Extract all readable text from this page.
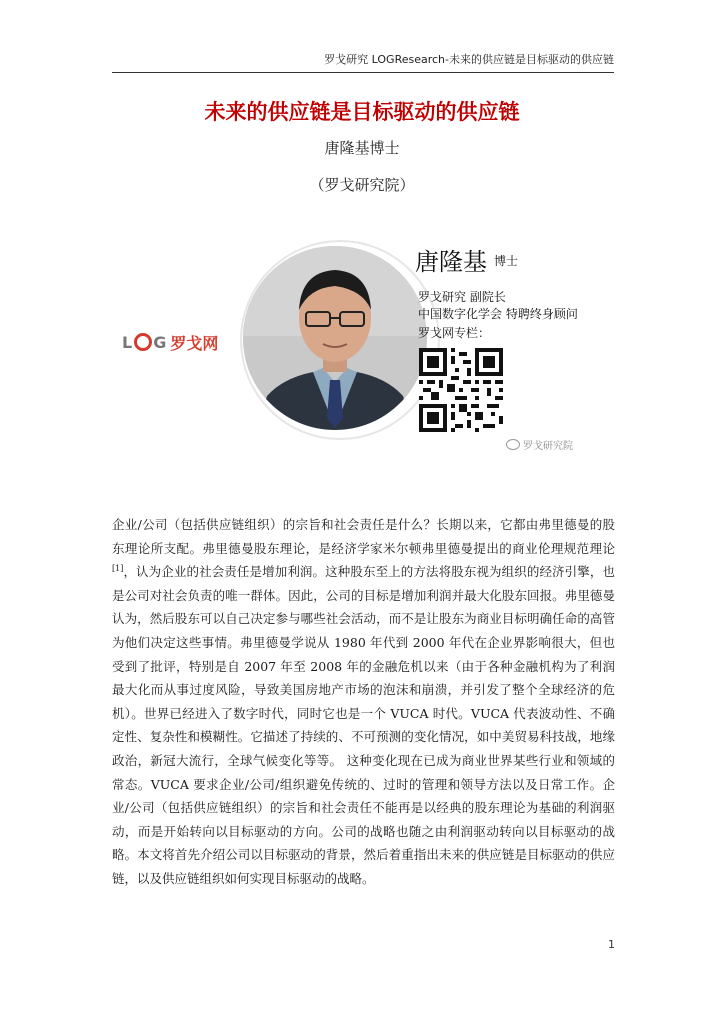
罗戈研究 LOGResearch-未来的供应链是目标驱动的供应链
未来的供应链是目标驱动的供应链
唐隆基博士
（罗戈研究院）
L G 罗戈网
唐隆基 博士
罗戈研究 副院长
中国数字化学会 特聘终身顾问
罗戈网专栏：
罗戈研究院

企业/公司（包括供应链组织）的宗旨和社会责任是什么？长期以来，它都由弗里德曼的股东理论所支配。弗里德曼股东理论，是经济学家米尔顿弗里德曼提出的商业伦理规范理论[1]，认为企业的社会责任是增加利润。这种股东至上的方法将股东视为组织的经济引擎，也是公司对社会负责的唯一群体。因此，公司的目标是增加利润并最大化股东回报。弗里德曼认为，然后股东可以自己决定参与哪些社会活动，而不是让股东为商业目标明确任命的高管为他们决定这些事情。弗里德曼学说从 1980 年代到 2000 年代在企业界影响很大，但也受到了批评，特别是自 2007 年至 2008 年的金融危机以来（由于各种金融机构为了利润最大化而从事过度风险，导致美国房地产市场的泡沫和崩溃，并引发了整个全球经济的危机）。世界已经进入了数字时代，同时它也是一个 VUCA 时代。VUCA 代表波动性、不确定性、复杂性和模糊性。它描述了持续的、不可预测的变化情况，如中美贸易科技战，地缘政治，新冠大流行，全球气候变化等等。 这种变化现在已成为商业世界某些行业和领域的常态。VUCA 要求企业/公司/组织避免传统的、过时的管理和领导方法以及日常工作。企业/公司（包括供应链组织）的宗旨和社会责任不能再是以经典的股东理论为基础的利润驱动，而是开始转向以目标驱动的方向。公司的战略也随之由利润驱动转向以目标驱动的战略。本文将首先介绍公司以目标驱动的背景，然后着重指出未来的供应链是目标驱动的供应链，以及供应链组织如何实现目标驱动的战略。

1
